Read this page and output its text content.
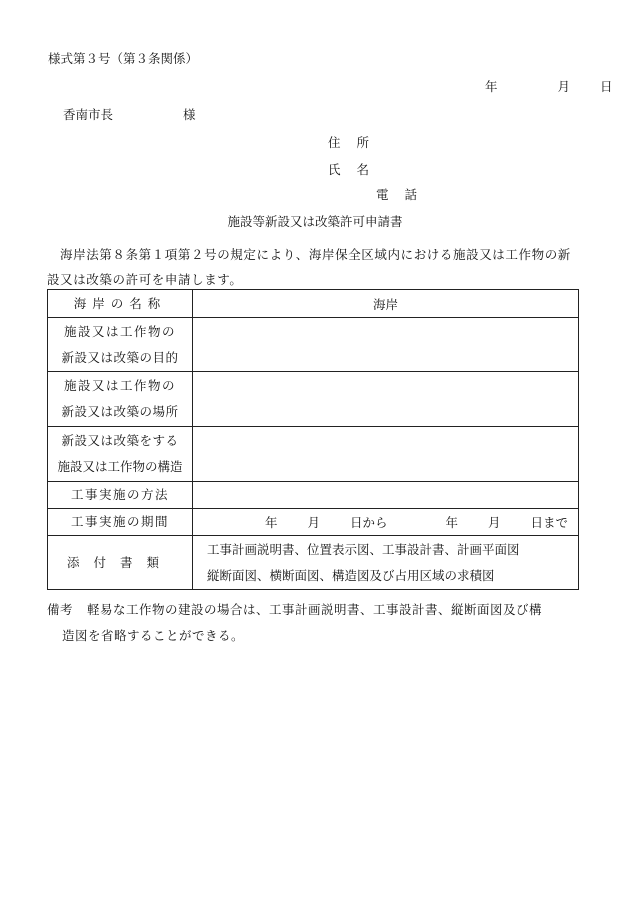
様式第３号（第３条関係）
年	月 日
香南市長	様
住 所
氏 名
電 話
施設等新設又は改築許可申請書
海岸法第８条第１項第２号の規定により、海岸保全区域内における施設又は工作物の新設又は改築の許可を申請します。
海岸の名称	海岸

施設又は工作物の
新設又は改築の目的	

施設又は工作物の
新設又は改築の場所	

新設又は改築をする
施設又は工作物の構造	

工事実施の方法	
工事実施の期間	年 月 日から 年 月 日まで
添付書類	工事計画説明書、位置表示図、工事設計書、計画平面図
縦断面図、横断面図、構造図及び占用区域の求積図
備考 軽易な工作物の建設の場合は、工事計画説明書、工事設計書、縦断面図及び構
造図を省略することができる。
